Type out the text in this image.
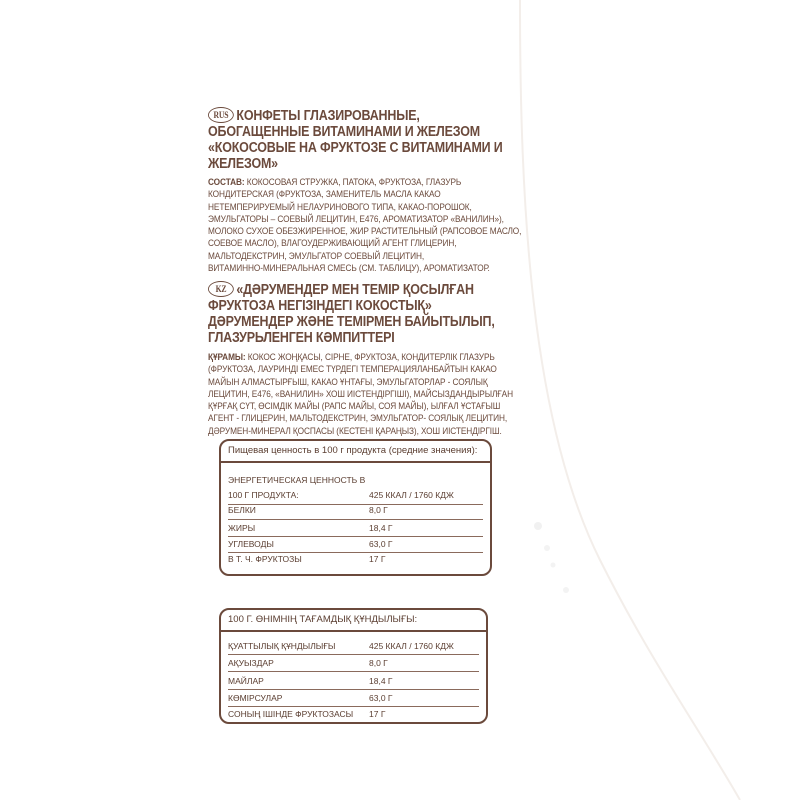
RUS КОНФЕТЫ ГЛАЗИРОВАННЫЕ,
ОБОГАЩЕННЫЕ ВИТАМИНАМИ И ЖЕЛЕЗОМ
«КОКОСОВЫЕ НА ФРУКТОЗЕ С ВИТАМИНАМИ И
ЖЕЛЕЗОМ»
СОСТАВ: КОКОСОВАЯ СТРУЖКА, ПАТОКА, ФРУКТОЗА, ГЛАЗУРЬ
КОНДИТЕРСКАЯ (ФРУКТОЗА, ЗАМЕНИТЕЛЬ МАСЛА КАКАО
НЕТЕМПЕРИРУЕМЫЙ НЕЛАУРИНОВОГО ТИПА, КАКАО-ПОРОШОК,
ЭМУЛЬГАТОРЫ – СОЕВЫЙ ЛЕЦИТИН, Е476, АРОМАТИЗАТОР «ВАНИЛИН»),
МОЛОКО СУХОЕ ОБЕЗЖИРЕННОЕ, ЖИР РАСТИТЕЛЬНЫЙ (РАПСОВОЕ МАСЛО,
СОЕВОЕ МАСЛО), ВЛАГОУДЕРЖИВАЮЩИЙ АГЕНТ ГЛИЦЕРИН,
МАЛЬТОДЕКСТРИН, ЭМУЛЬГАТОР СОЕВЫЙ ЛЕЦИТИН,
ВИТАМИННО-МИНЕРАЛЬНАЯ СМЕСЬ (СМ. ТАБЛИЦУ), АРОМАТИЗАТОР.
KZ «ДӘРУМЕНДЕР МЕН ТЕМІР ҚОСЫЛҒАН
ФРУКТОЗА НЕГІЗІНДЕГІ КОКОСТЫҚ»
ДӘРУМЕНДЕР ЖӘНЕ ТЕМІРМЕН БАЙЫТЫЛЫП,
ГЛАЗУРЬЛЕНГЕН КӘМПИТТЕРІ
ҚҰРАМЫ: КОКОС ЖОҢҚАСЫ, СІРНЕ, ФРУКТОЗА, КОНДИТЕРЛІК ГЛАЗУРЬ
(ФРУКТОЗА, ЛАУРИНДІ ЕМЕС ТҮРДЕГІ ТЕМПЕРАЦИЯЛАНБАЙТЫН КАКАО
МАЙЫН АЛМАСТЫРҒЫШ, КАКАО ҰНТАҒЫ, ЭМУЛЬГАТОРЛАР - СОЯЛЫҚ
ЛЕЦИТИН, Е476, «ВАНИЛИН» ХОШ ИІСТЕНДІРГІШІ), МАЙСЫЗДАНДЫРЫЛҒАН
ҚҰРҒАҚ СҮТ, ӨСІМДІК МАЙЫ (РАПС МАЙЫ, СОЯ МАЙЫ), ЫЛҒАЛ ҰСТАҒЫШ
АГЕНТ - ГЛИЦЕРИН, МАЛЬТОДЕКСТРИН, ЭМУЛЬГАТОР- СОЯЛЫҚ ЛЕЦИТИН,
ДӘРУМЕН-МИНЕРАЛ ҚОСПАСЫ (КЕСТЕНІ ҚАРАҢЫЗ), ХОШ ИІСТЕНДІРГІШ.
Пищевая ценность в 100 г продукта (средние значения):
ЭНЕРГЕТИЧЕСКАЯ ЦЕННОСТЬ В
100 Г ПРОДУКТА:	425 ККАЛ / 1760 КДЖ
БЕЛКИ	8,0 Г
ЖИРЫ	18,4 Г
УГЛЕВОДЫ	63,0 Г
В Т. Ч. ФРУКТОЗЫ	17 Г
100 Г. ӨНІМНІҢ ТАҒАМДЫҚ ҚҰНДЫЛЫҒЫ:
ҚУАТТЫЛЫҚ ҚҰНДЫЛЫҒЫ	425 ККАЛ / 1760 КДЖ
АҚУЫЗДАР	8,0 Г
МАЙЛАР	18,4 Г
КӨМІРСУЛАР	63,0 Г
СОНЫҢ ІШІНДЕ ФРУКТОЗАСЫ 17 Г
